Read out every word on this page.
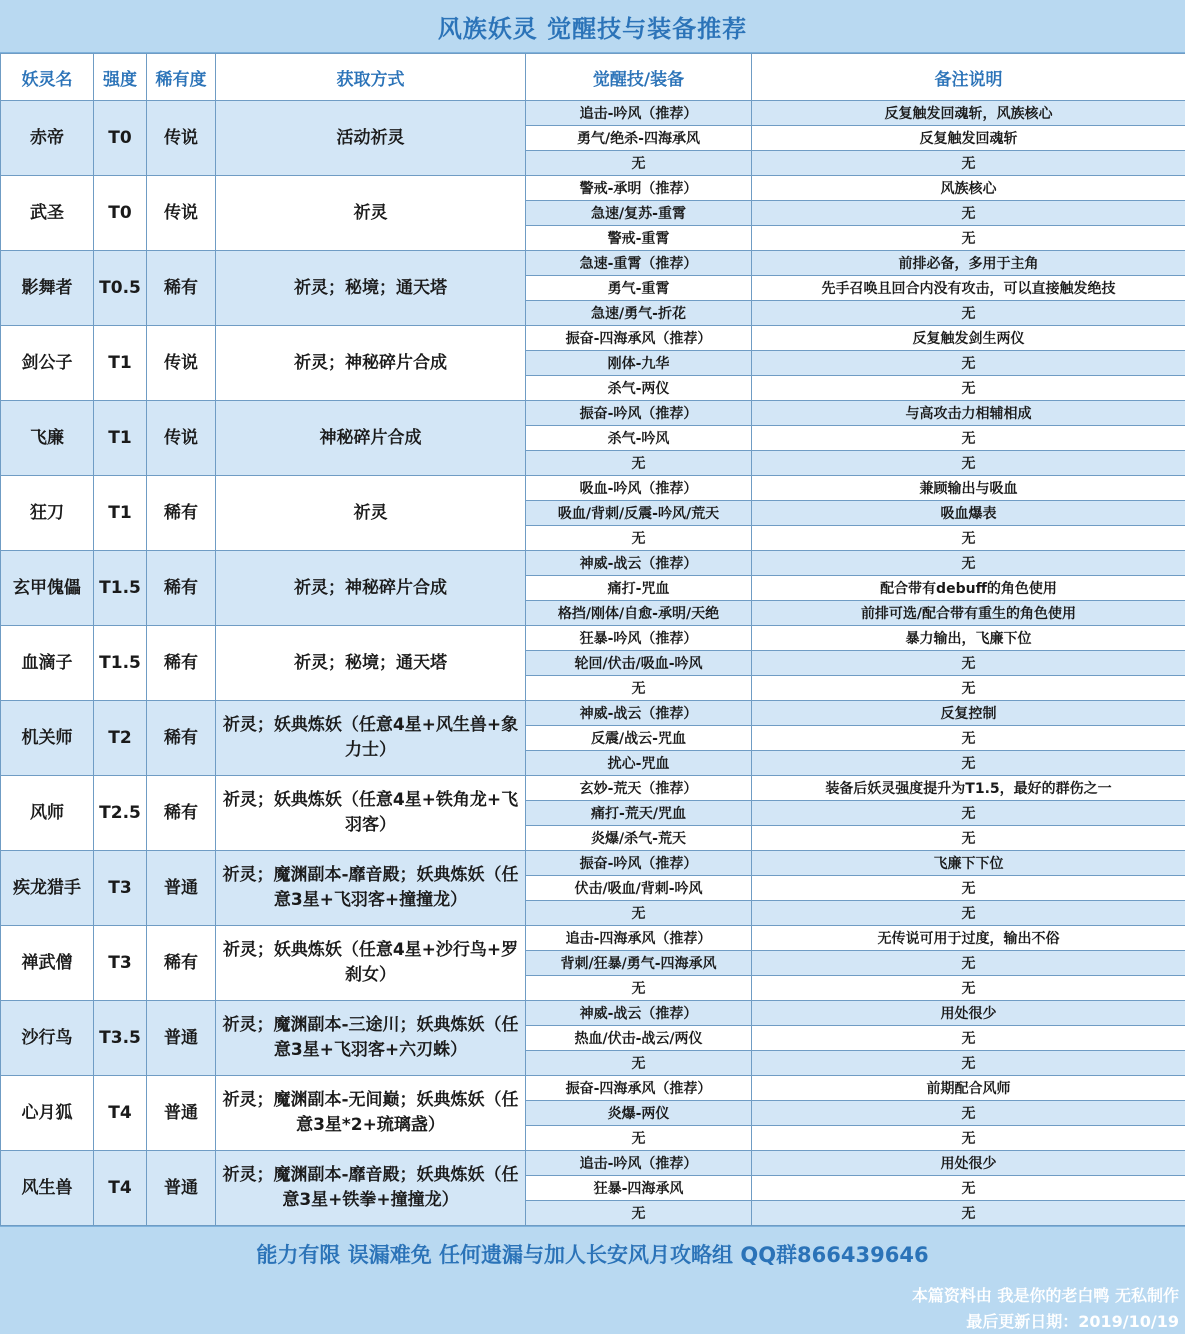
风族妖灵 觉醒技与装备推荐
妖灵名	强度	稀有度	获取方式	觉醒技/装备	备注说明
赤帝	T0	传说	活动祈灵	追击-吟风（推荐）	反复触发回魂斩，风族核心
				勇气/绝杀-四海承风	反复触发回魂斩
				无	无
武圣	T0	传说	祈灵	警戒-承明（推荐）	风族核心
				急速/复苏-重霄	无
				警戒-重霄	无
影舞者	T0.5	稀有	祈灵；秘境；通天塔	急速-重霄（推荐）	前排必备，多用于主角
				勇气-重霄	先手召唤且回合内没有攻击，可以直接触发绝技
				急速/勇气-折花	无
剑公子	T1	传说	祈灵；神秘碎片合成	振奋-四海承风（推荐）	反复触发剑生两仪
				刚体-九华	无
				杀气-两仪	无
飞廉	T1	传说	神秘碎片合成	振奋-吟风（推荐）	与高攻击力相辅相成
				杀气-吟风	无
				无	无
狂刀	T1	稀有	祈灵	吸血-吟风（推荐）	兼顾输出与吸血
				吸血/背刺/反震-吟风/荒天	吸血爆表
				无	无
玄甲傀儡	T1.5	稀有	祈灵；神秘碎片合成	神威-战云（推荐）	无
				痛打-咒血	配合带有debuff的角色使用
				格挡/刚体/自愈-承明/天绝	前排可选/配合带有重生的角色使用
血滴子	T1.5	稀有	祈灵；秘境；通天塔	狂暴-吟风（推荐）	暴力输出，飞廉下位
				轮回/伏击/吸血-吟风	无
				无	无
机关师	T2	稀有	祈灵；妖典炼妖（任意4星+风生兽+象力士）	神威-战云（推荐）	反复控制
				反震/战云-咒血	无
				扰心-咒血	无
风师	T2.5	稀有	祈灵；妖典炼妖（任意4星+铁角龙+飞羽客）	玄妙-荒天（推荐）	装备后妖灵强度提升为T1.5，最好的群伤之一
				痛打-荒天/咒血	无
				炎爆/杀气-荒天	无
疾龙猎手	T3	普通	祈灵；魔渊副本-靡音殿；妖典炼妖（任意3星+飞羽客+撞撞龙）	振奋-吟风（推荐）	飞廉下下位
				伏击/吸血/背刺-吟风	无
				无	无
禅武僧	T3	稀有	祈灵；妖典炼妖（任意4星+沙行鸟+罗刹女）	追击-四海承风（推荐）	无传说可用于过度，输出不俗
				背刺/狂暴/勇气-四海承风	无
				无	无
沙行鸟	T3.5	普通	祈灵；魔渊副本-三途川；妖典炼妖（任意3星+飞羽客+六刃蛛）	神威-战云（推荐）	用处很少
				热血/伏击-战云/两仪	无
				无	无
心月狐	T4	普通	祈灵；魔渊副本-无间巅；妖典炼妖（任意3星*2+琉璃盏）	振奋-四海承风（推荐）	前期配合风师
				炎爆-两仪	无
				无	无
风生兽	T4	普通	祈灵；魔渊副本-靡音殿；妖典炼妖（任意3星+铁拳+撞撞龙）	追击-吟风（推荐）	用处很少
				狂暴-四海承风	无
				无	无
能力有限 误漏难免 任何遗漏与加人长安风月攻略组 QQ群866439646
本篇资料由 我是你的老白鸭 无私制作
最后更新日期：2019/10/19
